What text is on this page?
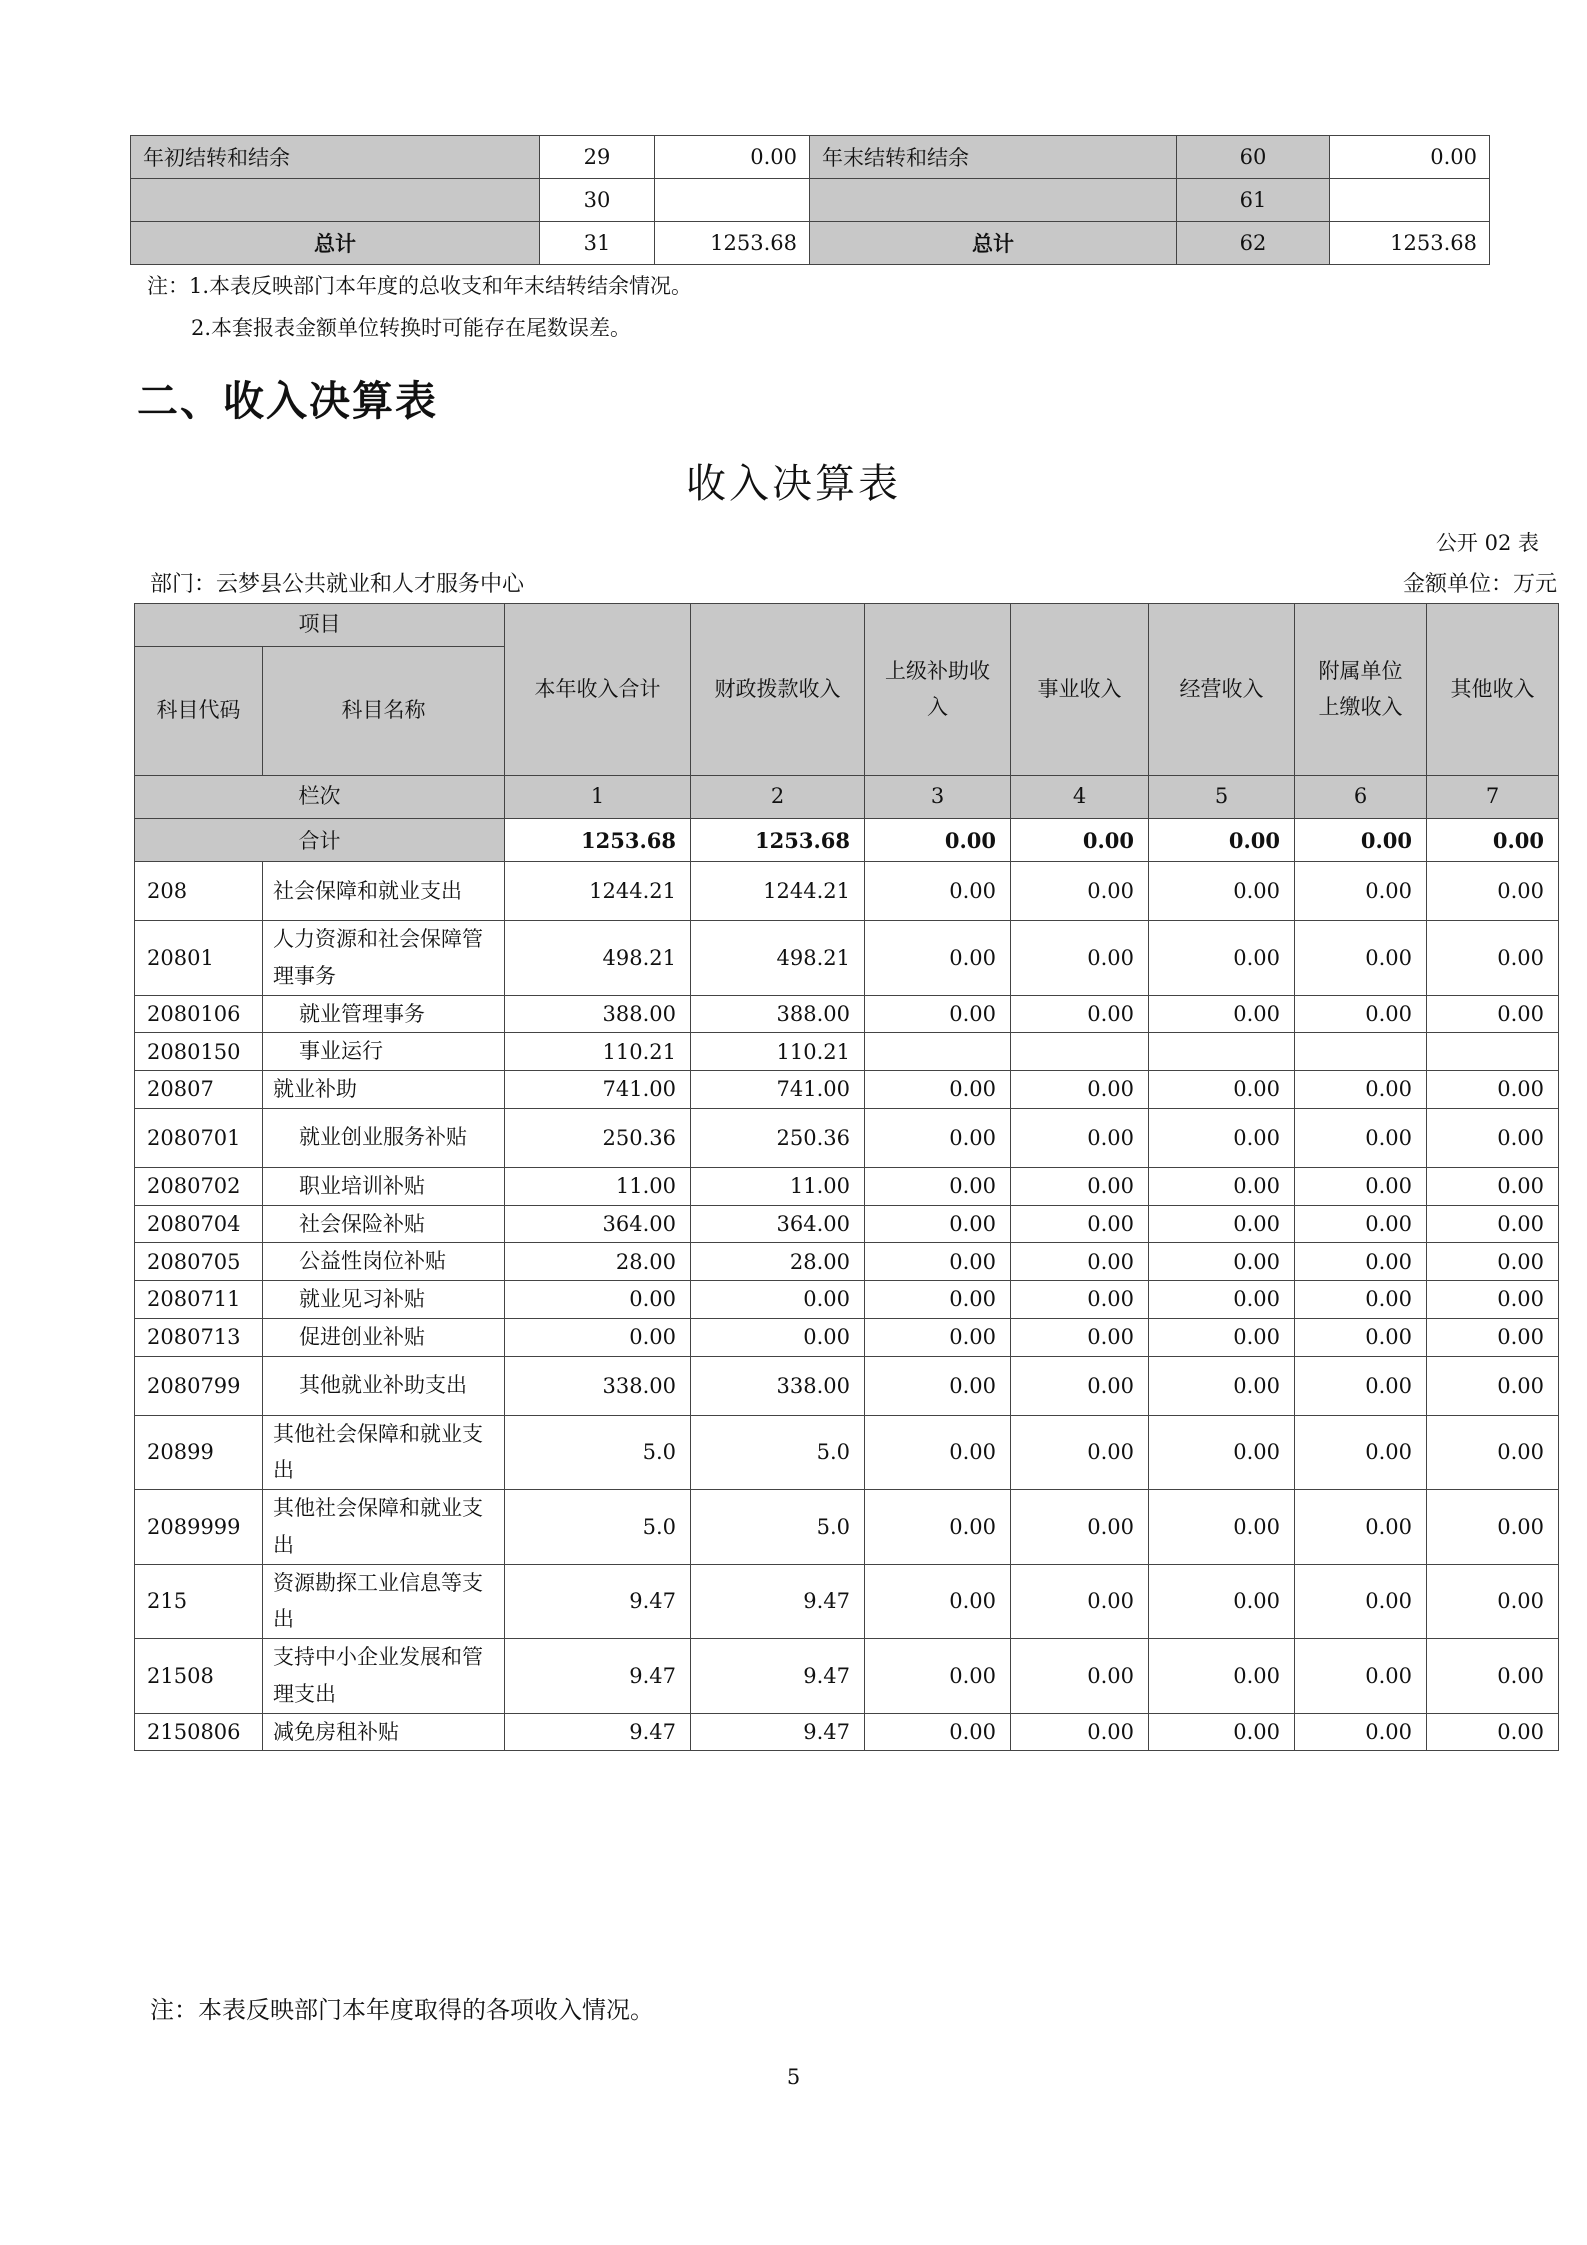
年初结转和结余	29	0.00	年末结转和结余	60	0.00
	30			61	
总计	31	1253.68	总计	62	1253.68
注：1.本表反映部门本年度的总收支和年末结转结余情况。
2.本套报表金额单位转换时可能存在尾数误差。
二、收入决算表
收入决算表
公开 02 表
部门：云梦县公共就业和人才服务中心	金额单位：万元
项目		本年收入合计	财政拨款收入	上级补助收入	事业收入	经营收入	附属单位上缴收入	其他收入
科目代码	科目名称							
栏次		1	2	3	4	5	6	7
合计		1253.68	1253.68	0.00	0.00	0.00	0.00	0.00
208	社会保障和就业支出	1244.21	1244.21	0.00	0.00	0.00	0.00	0.00
20801	人力资源和社会保障管理事务	498.21	498.21	0.00	0.00	0.00	0.00	0.00
2080106	就业管理事务	388.00	388.00	0.00	0.00	0.00	0.00	0.00
2080150	事业运行	110.21	110.21					
20807	就业补助	741.00	741.00	0.00	0.00	0.00	0.00	0.00
2080701	就业创业服务补贴	250.36	250.36	0.00	0.00	0.00	0.00	0.00
2080702	职业培训补贴	11.00	11.00	0.00	0.00	0.00	0.00	0.00
2080704	社会保险补贴	364.00	364.00	0.00	0.00	0.00	0.00	0.00
2080705	公益性岗位补贴	28.00	28.00	0.00	0.00	0.00	0.00	0.00
2080711	就业见习补贴	0.00	0.00	0.00	0.00	0.00	0.00	0.00
2080713	促进创业补贴	0.00	0.00	0.00	0.00	0.00	0.00	0.00
2080799	其他就业补助支出	338.00	338.00	0.00	0.00	0.00	0.00	0.00
20899	其他社会保障和就业支出	5.0	5.0	0.00	0.00	0.00	0.00	0.00
2089999	其他社会保障和就业支出	5.0	5.0	0.00	0.00	0.00	0.00	0.00
215	资源勘探工业信息等支出	9.47	9.47	0.00	0.00	0.00	0.00	0.00
21508	支持中小企业发展和管理支出	9.47	9.47	0.00	0.00	0.00	0.00	0.00
2150806	减免房租补贴	9.47	9.47	0.00	0.00	0.00	0.00	0.00
注：本表反映部门本年度取得的各项收入情况。
5
